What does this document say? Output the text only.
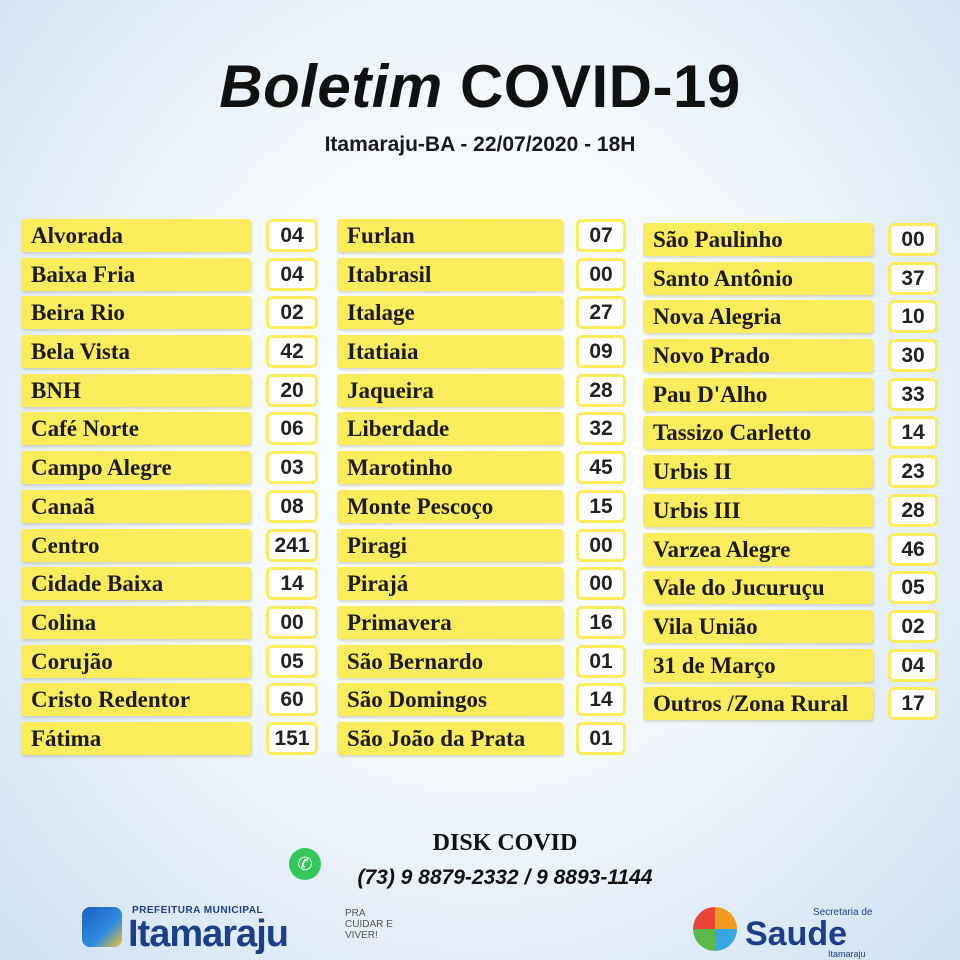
Boletim COVID-19
Itamaraju-BA - 22/07/2020 - 18H
Alvorada	04
Baixa Fria	04
Beira Rio	02
Bela Vista	42
BNH	20
Café Norte	06
Campo Alegre	03
Canaã	08
Centro	241
Cidade Baixa	14
Colina	00
Corujão	05
Cristo Redentor	60
Fátima	151
Furlan	07
Itabrasil	00
Italage	27
Itatiaia	09
Jaqueira	28
Liberdade	32
Marotinho	45
Monte Pescoço	15
Piragi	00
Pirajá	00
Primavera	16
São Bernardo	01
São Domingos	14
São João da Prata	01
São Paulinho	00
Santo Antônio	37
Nova Alegria	10
Novo Prado	30
Pau D'Alho	33
Tassizo Carletto	14
Urbis II	23
Urbis III	28
Varzea Alegre	46
Vale do Jucuruçu	05
Vila União	02
31 de Março	04
Outros /Zona Rural	17
✆
DISK COVID
(73) 9 8879-2332 / 9 8893-1144
PREFEITURA MUNICIPAL
Itamaraju	PRA CUIDAR E VIVER!
Secretaria de
Saude
Itamaraju
